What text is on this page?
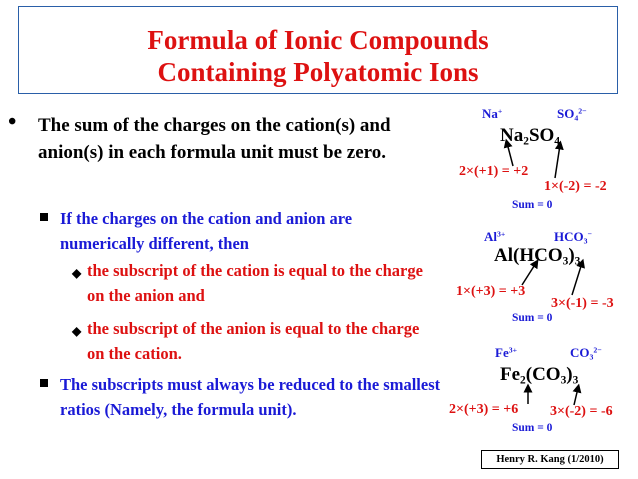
Formula of Ionic Compounds
Containing Polyatomic Ions
• The sum of the charges on the cation(s) and anion(s) in each formula unit must be zero.
If the charges on the cation and anion are numerically different, then
◆ the subscript of the cation is equal to the charge on the anion and
◆ the subscript of the anion is equal to the charge on the cation.
The subscripts must always be reduced to the smallest ratios (Namely, the formula unit).
Na+	$SO_4^{2-}$
$Na_2SO_4$
2×(+1) = +2
1×(-2) = -2
Sum = 0
$Al^{3+}$	$HCO_3^-$
$Al(HCO_3)_3$
1×(+3) = +3
3×(-1) = -3
Sum = 0
$Fe^{3+}$	$CO_3^{2-}$
$Fe_2(CO_3)_3$
2×(+3) = +6 3×(-2) = -6
Sum = 0
Henry R. Kang (1/2010)
